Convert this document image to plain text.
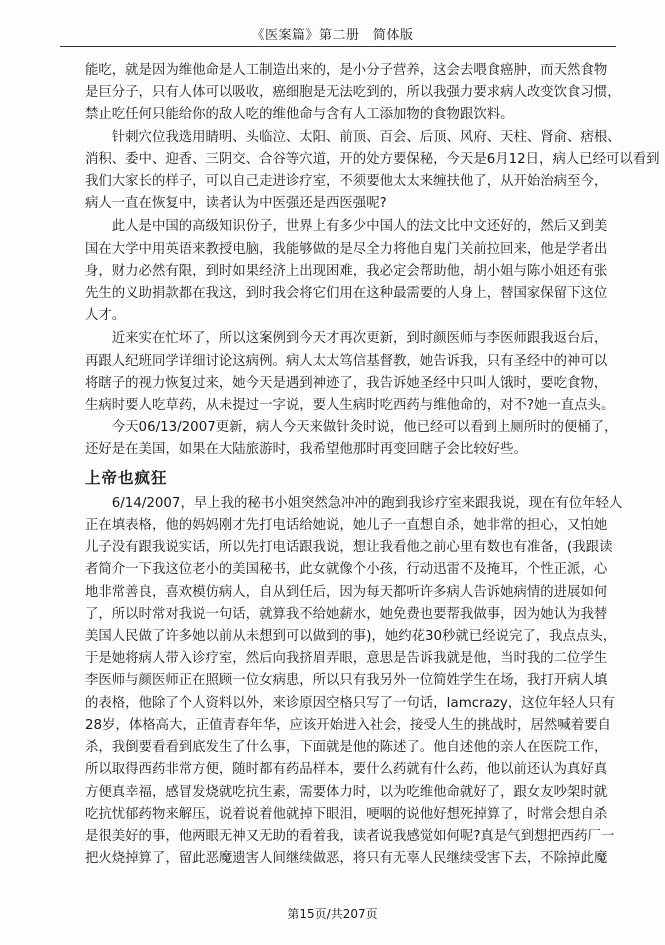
《医案篇》第二册　简体版
能吃，就是因为维他命是人工制造出来的，是小分子营养，这会去喂食癌肿，而天然食物
是巨分子，只有人体可以吸收，癌细胞是无法吃到的，所以我强力要求病人改变饮食习惯，
禁止吃任何只能给你的敌人吃的维他命与含有人工添加物的食物跟饮料。
　　针刺穴位我选用睛明、头临泣、太阳、前顶、百会、后顶、风府、天柱、肾俞、痞根、
消积、委中、迎香、三阴交、合谷等穴道，开的处方要保秘，今天是6月12日，病人已经可以看到
我们大家长的样子，可以自己走进诊疗室，不须要他太太来缠扶他了，从开始治病至今，
病人一直在恢复中，读者认为中医强还是西医强呢?
　　此人是中国的高级知识份子，世界上有多少中国人的法文比中文还好的，然后又到美
国在大学中用英语来教授电脑，我能够做的是尽全力将他自鬼门关前拉回来，他是学者出
身，财力必然有限，到时如果经济上出现困难，我必定会帮助他，胡小姐与陈小姐还有张
先生的义助捐款都在我这，到时我会将它们用在这种最需要的人身上，替国家保留下这位
人才。
　　近来实在忙坏了，所以这案例到今天才再次更新，到时颜医师与李医师跟我返台后，
再跟人纪班同学详细讨论这病例。病人太太笃信基督教，她告诉我，只有圣经中的神可以
将瞎子的视力恢复过来，她今天是遇到神迹了，我告诉她圣经中只叫人饿时，要吃食物，
生病时要人吃草药，从未提过一字说，要人生病时吃西药与维他命的，对不?她一直点头。
　　今天06/13/2007更新，病人今天来做针灸时说，他已经可以看到上厕所时的便桶了，
还好是在美国，如果在大陆旅游时，我希望他那时再变回瞎子会比较好些。
上帝也疯狂
　　6/14/2007，早上我的秘书小姐突然急冲冲的跑到我诊疗室来跟我说，现在有位年轻人
正在填表格，他的妈妈刚才先打电话给她说，她儿子一直想自杀，她非常的担心，又怕她
儿子没有跟我说实话，所以先打电话跟我说，想让我看他之前心里有数也有准备，(我跟读
者简介一下我这位老小的美国秘书，此女就像个小孩，行动迅雷不及掩耳，个性正派，心
地非常善良，喜欢模仿病人，自从到任后，因为每天都听许多病人告诉她病情的进展如何
了，所以时常对我说一句话，就算我不给她薪水，她免费也要帮我做事，因为她认为我替
美国人民做了许多她以前从未想到可以做到的事)，她约花30秒就已经说完了，我点点头，
于是她将病人带入诊疗室，然后向我挤眉弄眼，意思是告诉我就是他，当时我的二位学生
李医师与颜医师正在照顾一位女病患，所以只有我另外一位简姓学生在场，我打开病人填
的表格，他除了个人资料以外，来诊原因空格只写了一句话，Iamcrazy，这位年轻人只有
28岁，体格高大，正值青春年华，应该开始进入社会，接受人生的挑战时，居然喊着要自
杀，我倒要看看到底发生了什么事，下面就是他的陈述了。他自述他的亲人在医院工作，
所以取得西药非常方便，随时都有药品样本，要什么药就有什么药，他以前还认为真好真
方便真幸福，感冒发烧就吃抗生素，需要体力时，以为吃维他命就好了，跟女友吵架时就
吃抗忧郁药物来解压，说着说着他就掉下眼泪，哽咽的说他好想死掉算了，时常会想自杀
是很美好的事，他两眼无神又无助的看着我，读者说我感觉如何呢?真是气到想把西药厂一
把火烧掉算了，留此恶魔遗害人间继续做恶，将只有无辜人民继续受害下去，不除掉此魔
第15页/共207页
